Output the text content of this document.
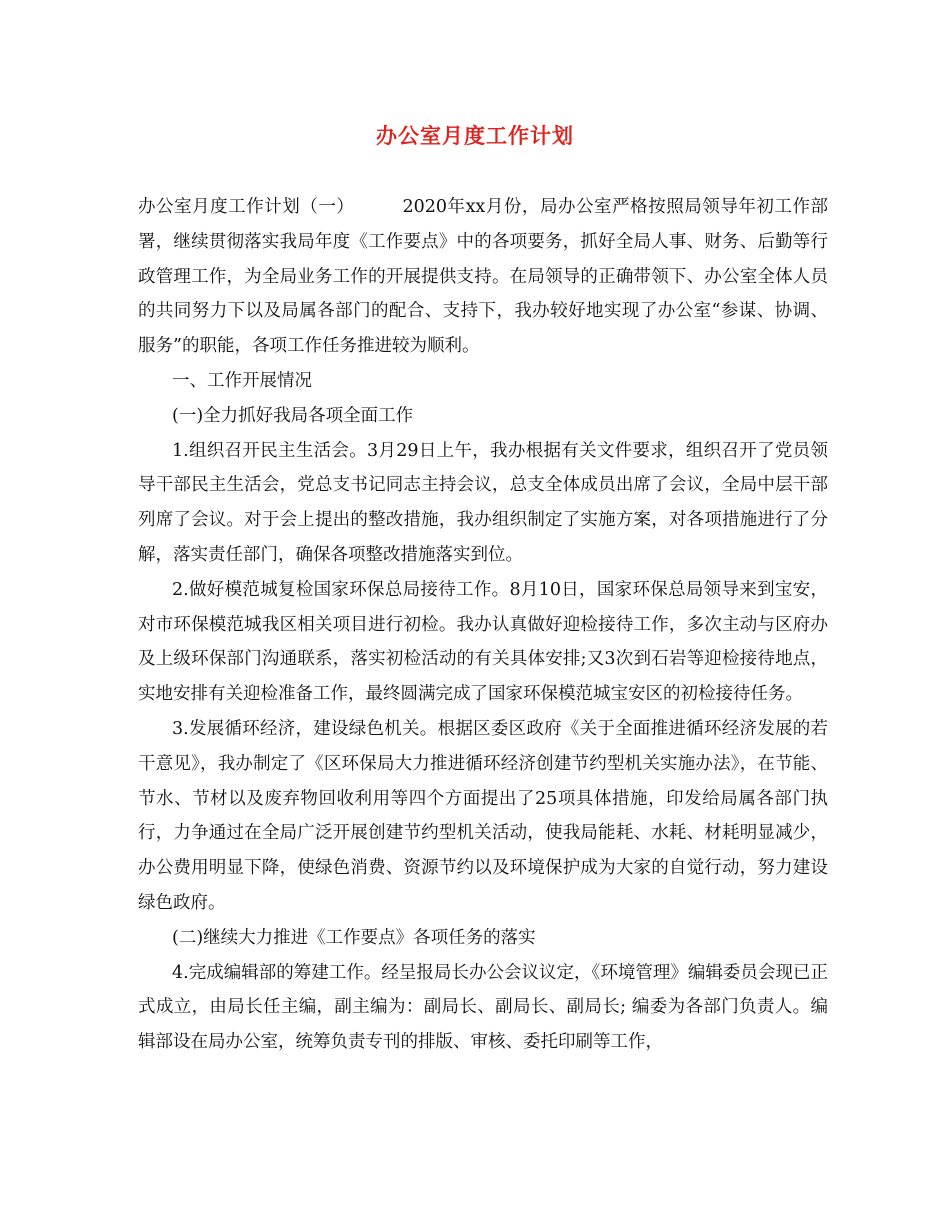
办公室月度工作计划

办公室月度工作计划（一）	2020年xx月份，局办公室严格按照局领导年初工作部署，继续贯彻落实我局年度《工作要点》中的各项要务，抓好全局人事、财务、后勤等行政管理工作，为全局业务工作的开展提供支持。在局领导的正确带领下、办公室全体人员的共同努力下以及局属各部门的配合、支持下，我办较好地实现了办公室“参谋、协调、服务”的职能，各项工作任务推进较为顺利。

一、工作开展情况

(一)全力抓好我局各项全面工作

1.组织召开民主生活会。3月29日上午，我办根据有关文件要求，组织召开了党员领导干部民主生活会，党总支书记同志主持会议，总支全体成员出席了会议，全局中层干部列席了会议。对于会上提出的整改措施，我办组织制定了实施方案，对各项措施进行了分解，落实责任部门，确保各项整改措施落实到位。

2.做好模范城复检国家环保总局接待工作。8月10日，国家环保总局领导来到宝安，对市环保模范城我区相关项目进行初检。我办认真做好迎检接待工作，多次主动与区府办及上级环保部门沟通联系，落实初检活动的有关具体安排;又3次到石岩等迎检接待地点，实地安排有关迎检准备工作，最终圆满完成了国家环保模范城宝安区的初检接待任务。

3.发展循环经济，建设绿色机关。根据区委区政府《关于全面推进循环经济发展的若干意见》，我办制定了《区环保局大力推进循环经济创建节约型机关实施办法》，在节能、节水、节材以及废弃物回收利用等四个方面提出了25项具体措施，印发给局属各部门执行，力争通过在全局广泛开展创建节约型机关活动，使我局能耗、水耗、材耗明显减少，办公费用明显下降，使绿色消费、资源节约以及环境保护成为大家的自觉行动，努力建设绿色政府。

(二)继续大力推进《工作要点》各项任务的落实

4.完成编辑部的筹建工作。经呈报局长办公会议议定，《环境管理》编辑委员会现已正式成立，由局长任主编，副主编为：副局长、副局长、副局长; 编委为各部门负责人。编辑部设在局办公室，统筹负责专刊的排版、审核、委托印刷等工作，
